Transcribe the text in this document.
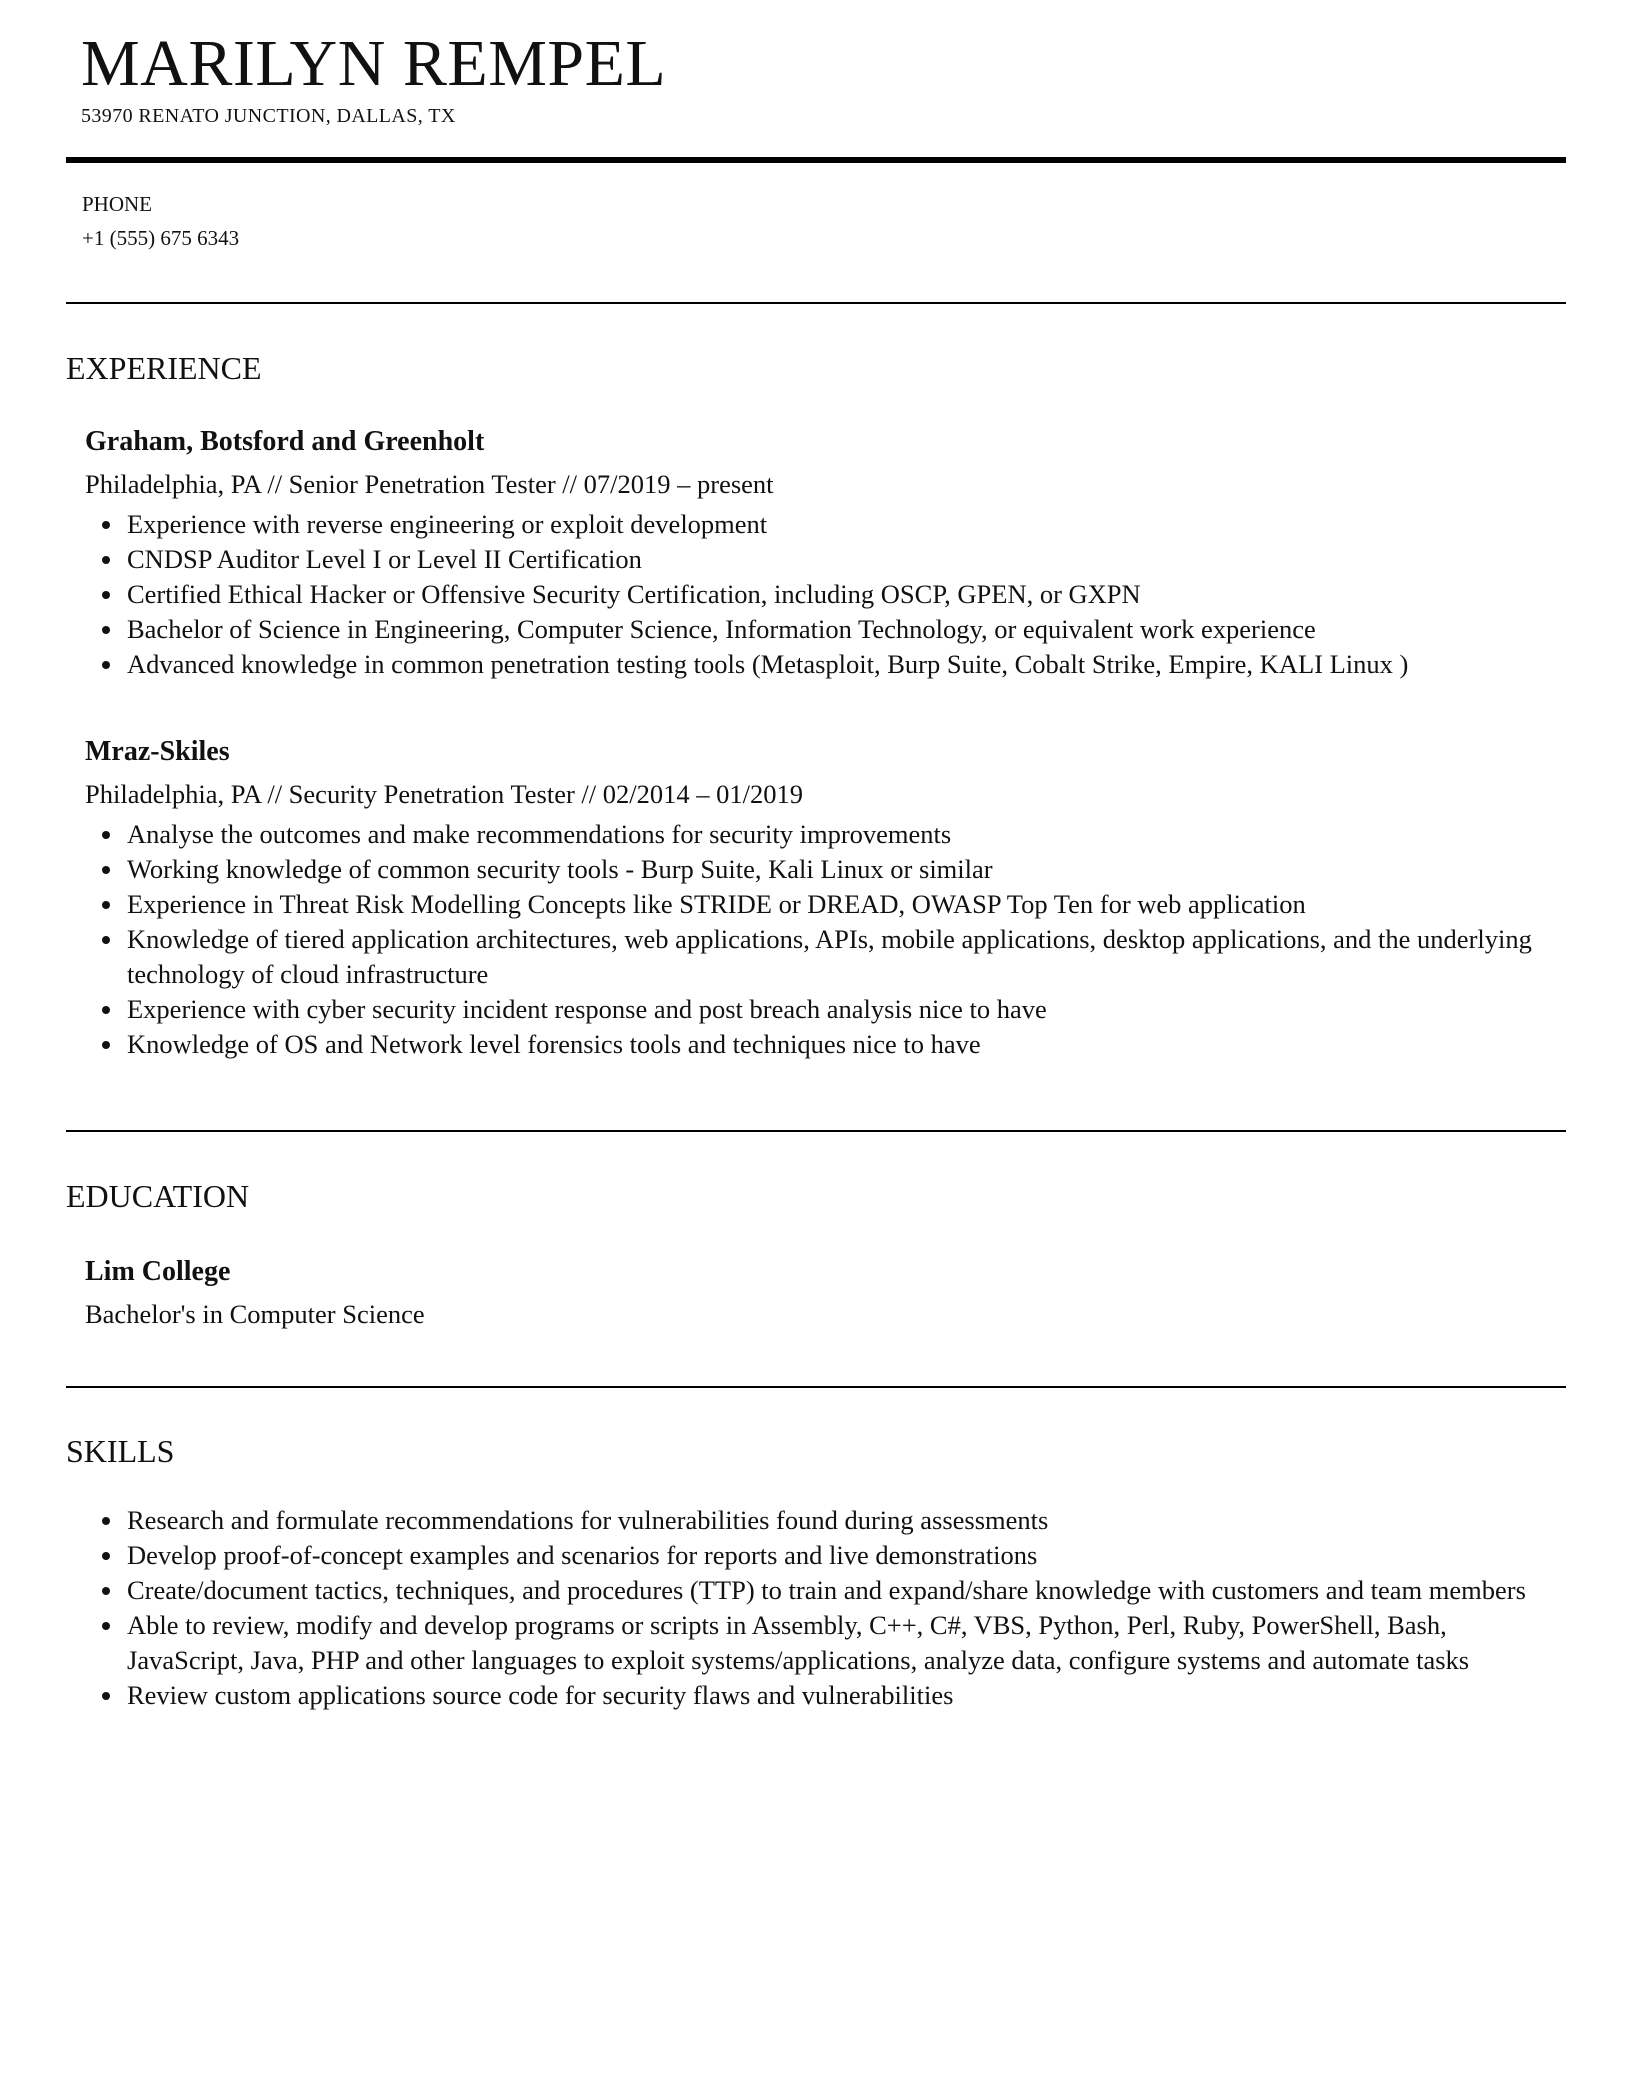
MARILYN REMPEL
53970 RENATO JUNCTION, DALLAS, TX
PHONE
+1 (555) 675 6343
EXPERIENCE
Graham, Botsford and Greenholt
Philadelphia, PA // Senior Penetration Tester // 07/2019 – present
Experience with reverse engineering or exploit development
CNDSP Auditor Level I or Level II Certification
Certified Ethical Hacker or Offensive Security Certification, including OSCP, GPEN, or GXPN
Bachelor of Science in Engineering, Computer Science, Information Technology, or equivalent work experience
Advanced knowledge in common penetration testing tools (Metasploit, Burp Suite, Cobalt Strike, Empire, KALI Linux )
Mraz-Skiles
Philadelphia, PA // Security Penetration Tester // 02/2014 – 01/2019
Analyse the outcomes and make recommendations for security improvements
Working knowledge of common security tools - Burp Suite, Kali Linux or similar
Experience in Threat Risk Modelling Concepts like STRIDE or DREAD, OWASP Top Ten for web application
Knowledge of tiered application architectures, web applications, APIs, mobile applications, desktop applications, and the underlying technology of cloud infrastructure
Experience with cyber security incident response and post breach analysis nice to have
Knowledge of OS and Network level forensics tools and techniques nice to have
EDUCATION
Lim College
Bachelor's in Computer Science
SKILLS
Research and formulate recommendations for vulnerabilities found during assessments
Develop proof-of-concept examples and scenarios for reports and live demonstrations
Create/document tactics, techniques, and procedures (TTP) to train and expand/share knowledge with customers and team members
Able to review, modify and develop programs or scripts in Assembly, C++, C#, VBS, Python, Perl, Ruby, PowerShell, Bash, JavaScript, Java, PHP and other languages to exploit systems/applications, analyze data, configure systems and automate tasks
Review custom applications source code for security flaws and vulnerabilities
